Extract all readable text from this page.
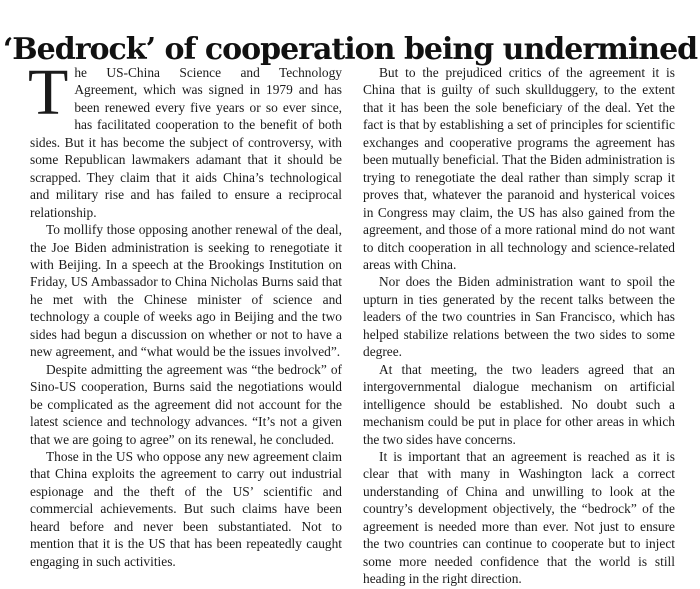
‘Bedrock’ of cooperation being undermined

The US-China Science and Technology Agreement, which was signed in 1979 and has been renewed every five years or so ever since, has facilitated cooperation to the benefit of both sides. But it has become the subject of controversy, with some Republican lawmakers adamant that it should be scrapped. They claim that it aids China’s technological and military rise and has failed to ensure a reciprocal relationship.

To mollify those opposing another renewal of the deal, the Joe Biden administration is seeking to renegotiate it with Beijing. In a speech at the Brookings Institution on Friday, US Ambassador to China Nicholas Burns said that he met with the Chinese minister of science and technology a couple of weeks ago in Beijing and the two sides had begun a discussion on whether or not to have a new agreement, and “what would be the issues involved”.

Despite admitting the agreement was “the bedrock” of Sino-US cooperation, Burns said the negotiations would be complicated as the agreement did not account for the latest science and technology advances. “It’s not a given that we are going to agree” on its renewal, he concluded.

Those in the US who oppose any new agreement claim that China exploits the agreement to carry out industrial espionage and the theft of the US’ scientific and commercial achievements. But such claims have been heard before and never been substantiated. Not to mention that it is the US that has been repeatedly caught engaging in such activities.

But to the prejudiced critics of the agreement it is China that is guilty of such skullduggery, to the extent that it has been the sole beneficiary of the deal. Yet the fact is that by establishing a set of principles for scientific exchanges and cooperative programs the agreement has been mutually beneficial. That the Biden administration is trying to renegotiate the deal rather than simply scrap it proves that, whatever the paranoid and hysterical voices in Congress may claim, the US has also gained from the agreement, and those of a more rational mind do not want to ditch cooperation in all technology and science-related areas with China.

Nor does the Biden administration want to spoil the upturn in ties generated by the recent talks between the leaders of the two countries in San Francisco, which has helped stabilize relations between the two sides to some degree.

At that meeting, the two leaders agreed that an intergovernmental dialogue mechanism on artificial intelligence should be established. No doubt such a mechanism could be put in place for other areas in which the two sides have concerns.

It is important that an agreement is reached as it is clear that with many in Washington lack a correct understanding of China and unwilling to look at the country’s development objectively, the “bedrock” of the agreement is needed more than ever. Not just to ensure the two countries can continue to cooperate but to inject some more needed confidence that the world is still heading in the right direction.
